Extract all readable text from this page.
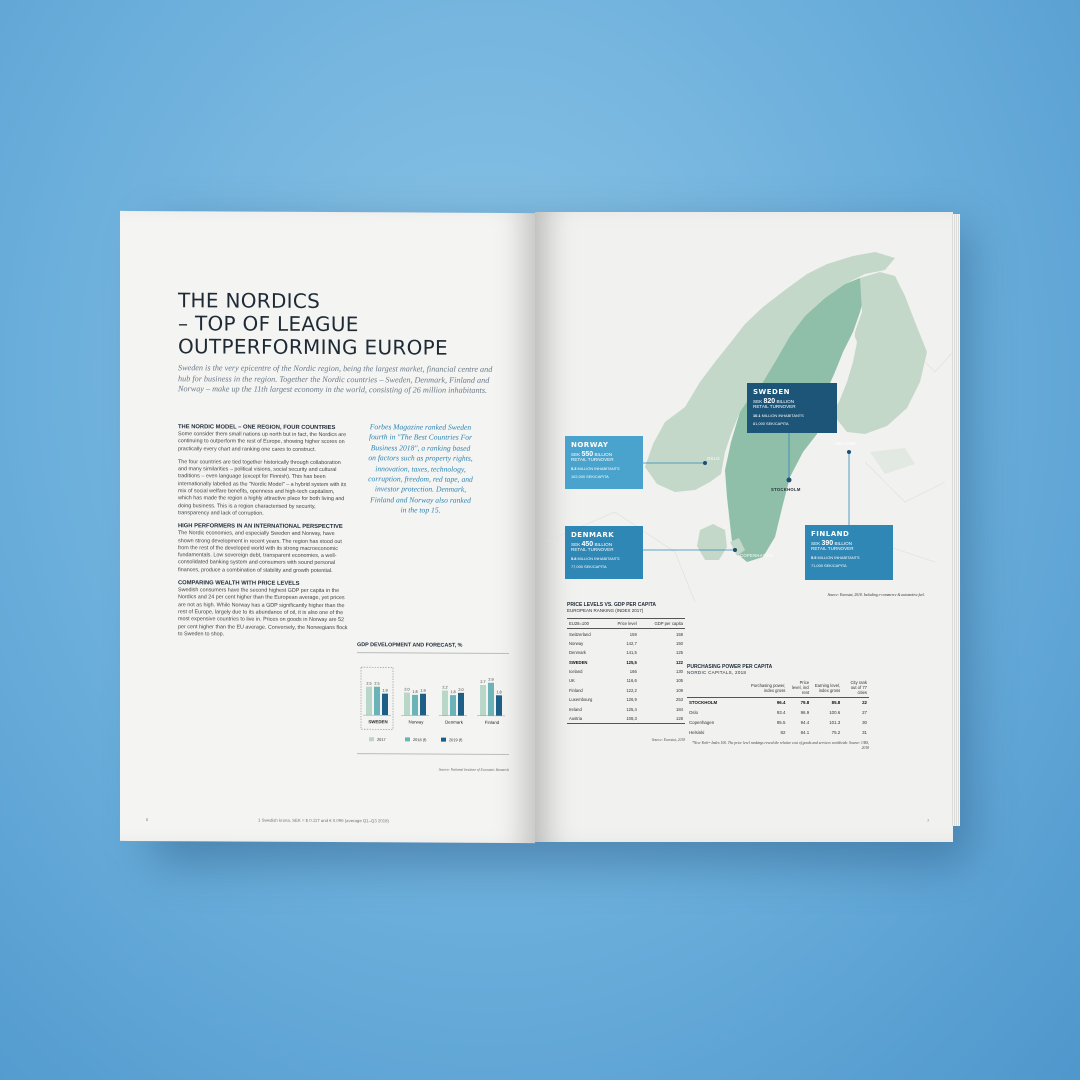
THE NORDICS
– TOP OF LEAGUE
OUTPERFORMING EUROPE
Sweden is the very epicentre of the Nordic region, being the largest market, financial centre and hub for business in the region. Together the Nordic countries – Sweden, Denmark, Finland and Norway – make up the 11th largest economy in the world, consisting of 26 million inhabitants.
THE NORDIC MODEL – ONE REGION, FOUR COUNTRIES

Some consider them small nations up north but in fact, the Nordics are continuing to outperform the rest of Europe, showing higher scores on practically every chart and ranking one cares to construct.

The four countries are tied together historically through collaboration and many similarities – political visions, social security and cultural traditions – even language (except for Finnish). This has been internationally labelled as the "Nordic Model" – a hybrid system with its mix of social welfare benefits, openness and high-tech capitalism, which has made the region a highly attractive place for both living and doing business. This is a region characterised by security, transparency and lack of corruption.

HIGH PERFORMERS IN AN INTERNATIONAL PERSPECTIVE

The Nordic economies, and especially Sweden and Norway, have shown strong development in recent years. The region has stood out from the rest of the developed world with its strong macroeconomic fundamentals. Low sovereign debt, transparent economies, a well-consolidated banking system and consumers with sound personal finances, produce a combination of stability and growth potential.

COMPARING WEALTH WITH PRICE LEVELS

Swedish consumers have the second highest GDP per capita in the Nordics and 24 per cent higher than the European average, yet prices are not as high. While Norway has a GDP significantly higher than the rest of Europe, largely due to its abundance of oil, it is also one of the most expensive countries to live in. Prices on goods in Norway are 52 per cent higher than the EU average. Conversely, the Norwegians flock to Sweden to shop.

Forbes Magazine ranked Sweden fourth in "The Best Countries For Business 2018", a ranking based on factors such as property rights, innovation, taxes, technology, corruption, freedom, red tape, and investor protection. Denmark, Finland and Norway also ranked in the top 15.
GDP DEVELOPMENT AND FORECAST, %
2.5 2.5
1.9
SWEDEN
2.0
1.8 1.9
Norway
2.2
1.8
2.0
Denmark
2.7
2.9
1.8
Finland
2017	2018 (f)	2019 (f)
Source: National Institute of Economic Research
6	1 Swedish krona, SEK = $ 0.117 and € 0.099 (average Q1–Q3 2018)
OSLO
STOCKHOLM
COPENHAGEN
HELSINKI
SWEDEN
SEK 820 BILLION
RETAIL TURNOVER
10.1 MILLION INHABITANTS
81,000 SEK/CAPITA
NORWAY
SEK 550 BILLION
RETAIL TURNOVER
5.3 MILLION INHABITANTS
102,000 SEK/CAPITA
DENMARK
SEK 450 BILLION
RETAIL TURNOVER
5.8 MILLION INHABITANTS
77,000 SEK/CAPITA
FINLAND
SEK 390 BILLION
RETAIL TURNOVER
5.5 MILLION INHABITANTS
71,000 SEK/CAPITA
Source: Eurostat, 2018. Including e-commerce & automotive fuel.
PRICE LEVELS VS. GDP PER CAPITA
EUROPEAN RANKING (INDEX 2017)
EU28=100	Price level	GDP per capita
Switzerland	159	158
Norway	142,7	150
Denmark	141,5	125
SWEDEN	125,5	122
Iceland	166	130
UK	116,6	105
Finland	122,2	109
Luxembourg	126,9	253
Ireland	125,4	184
Austria	108,3	128
Source: Eurostat, 2018
PURCHASING POWER PER CAPITA
NORDIC CAPITALS, 2018
	Purchasing power, index gross	Price level, incl rent	Earning level, index gross	City rank out of 77 cities
STOCKHOLM	96.4	79.8	85.8	22
Oslo	93.4	96.9	100.6	27
Copenhagen	95.5	94.4	101.3	30
Helsinki	82	84.1	75.2	31
*New York= Index 100. The price level rankings reveal the relative cost of goods and services worldwide. Source: UBS, 2018
7
